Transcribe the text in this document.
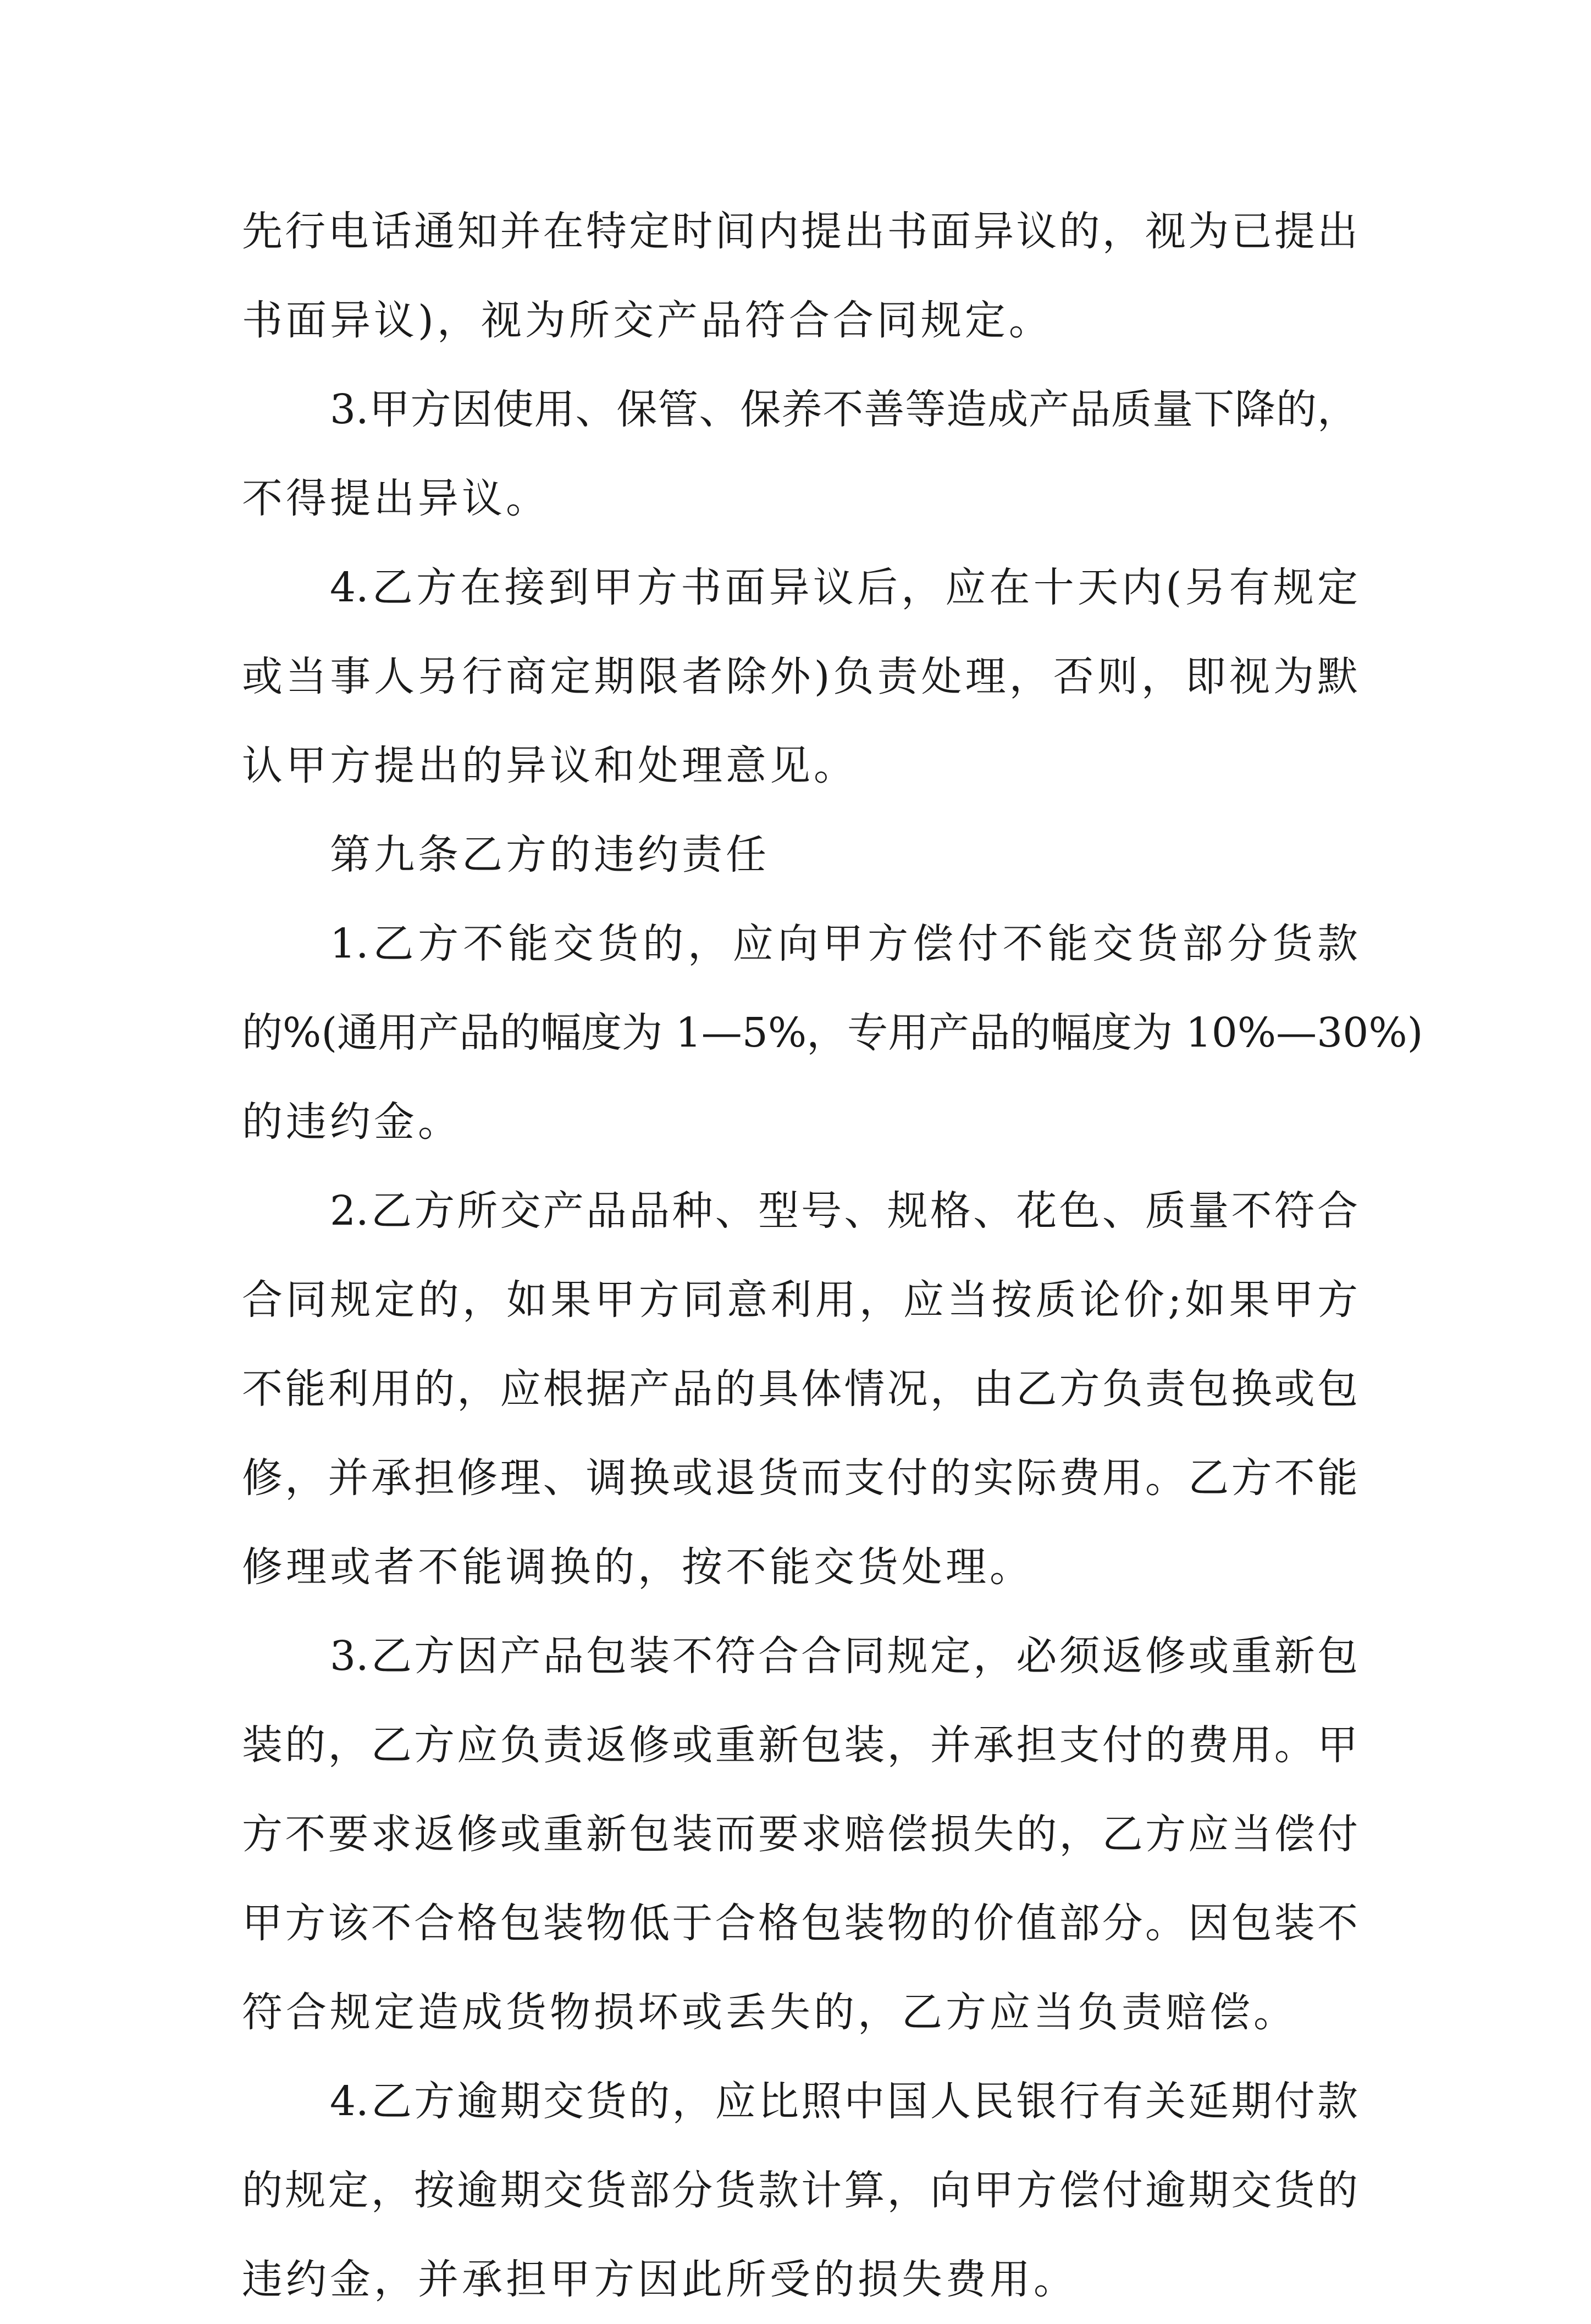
先行电话通知并在特定时间内提出书面异议的，视为已提出
书面异议)，视为所交产品符合合同规定。
3.甲方因使用、保管、保养不善等造成产品质量下降的，
不得提出异议。
4.乙方在接到甲方书面异议后，应在十天内(另有规定
或当事人另行商定期限者除外)负责处理，否则，即视为默
认甲方提出的异议和处理意见。
第九条乙方的违约责任
1.乙方不能交货的，应向甲方偿付不能交货部分货款
的%(通用产品的幅度为 1—5%，专用产品的幅度为 10%—30%)
的违约金。
2.乙方所交产品品种、型号、规格、花色、质量不符合
合同规定的，如果甲方同意利用，应当按质论价;如果甲方
不能利用的，应根据产品的具体情况，由乙方负责包换或包
修，并承担修理、调换或退货而支付的实际费用。乙方不能
修理或者不能调换的，按不能交货处理。
3.乙方因产品包装不符合合同规定，必须返修或重新包
装的，乙方应负责返修或重新包装，并承担支付的费用。甲
方不要求返修或重新包装而要求赔偿损失的，乙方应当偿付
甲方该不合格包装物低于合格包装物的价值部分。因包装不
符合规定造成货物损坏或丢失的，乙方应当负责赔偿。
4.乙方逾期交货的，应比照中国人民银行有关延期付款
的规定，按逾期交货部分货款计算，向甲方偿付逾期交货的
违约金，并承担甲方因此所受的损失费用。
